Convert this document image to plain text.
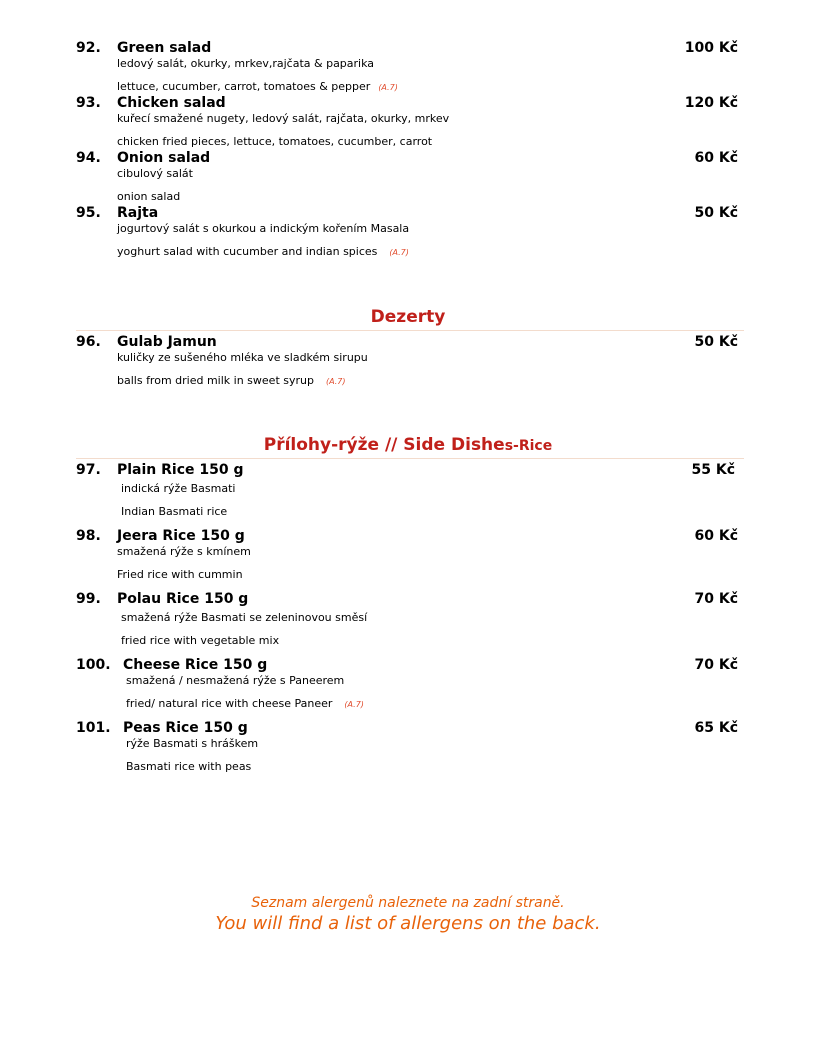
92. Green salad	100 Kč
ledový salát, okurky, mrkev,rajčata & paparika
lettuce, cucumber, carrot, tomatoes & pepper (A.7)
93. Chicken salad	120 Kč
kuřecí smažené nugety, ledový salát, rajčata, okurky, mrkev
chicken fried pieces, lettuce, tomatoes, cucumber, carrot
94. Onion salad	60 Kč
cibulový salát
onion salad
95. Rajta	50 Kč
jogurtový salát s okurkou a indickým kořením Masala
yoghurt salad with cucumber and indian spices (A.7)
Dezerty
96. Gulab Jamun	50 Kč
kuličky ze sušeného mléka ve sladkém sirupu
balls from dried milk in sweet syrup (A.7)
Přílohy-rýže // Side Dishes-Rice
97. Plain Rice 150 g	55 Kč
indická rýže Basmati
Indian Basmati rice
98. Jeera Rice 150 g	60 Kč
smažená rýže s kmínem
Fried rice with cummin
99. Polau Rice 150 g	70 Kč
smažená rýže Basmati se zeleninovou směsí
fried rice with vegetable mix
100. Cheese Rice 150 g	70 Kč
smažená / nesmažená rýže s Paneerem
fried/ natural rice with cheese Paneer (A.7)
101. Peas Rice 150 g	65 Kč
rýže Basmati s hráškem
Basmati rice with peas
Seznam alergenů naleznete na zadní straně.
You will find a list of allergens on the back.
